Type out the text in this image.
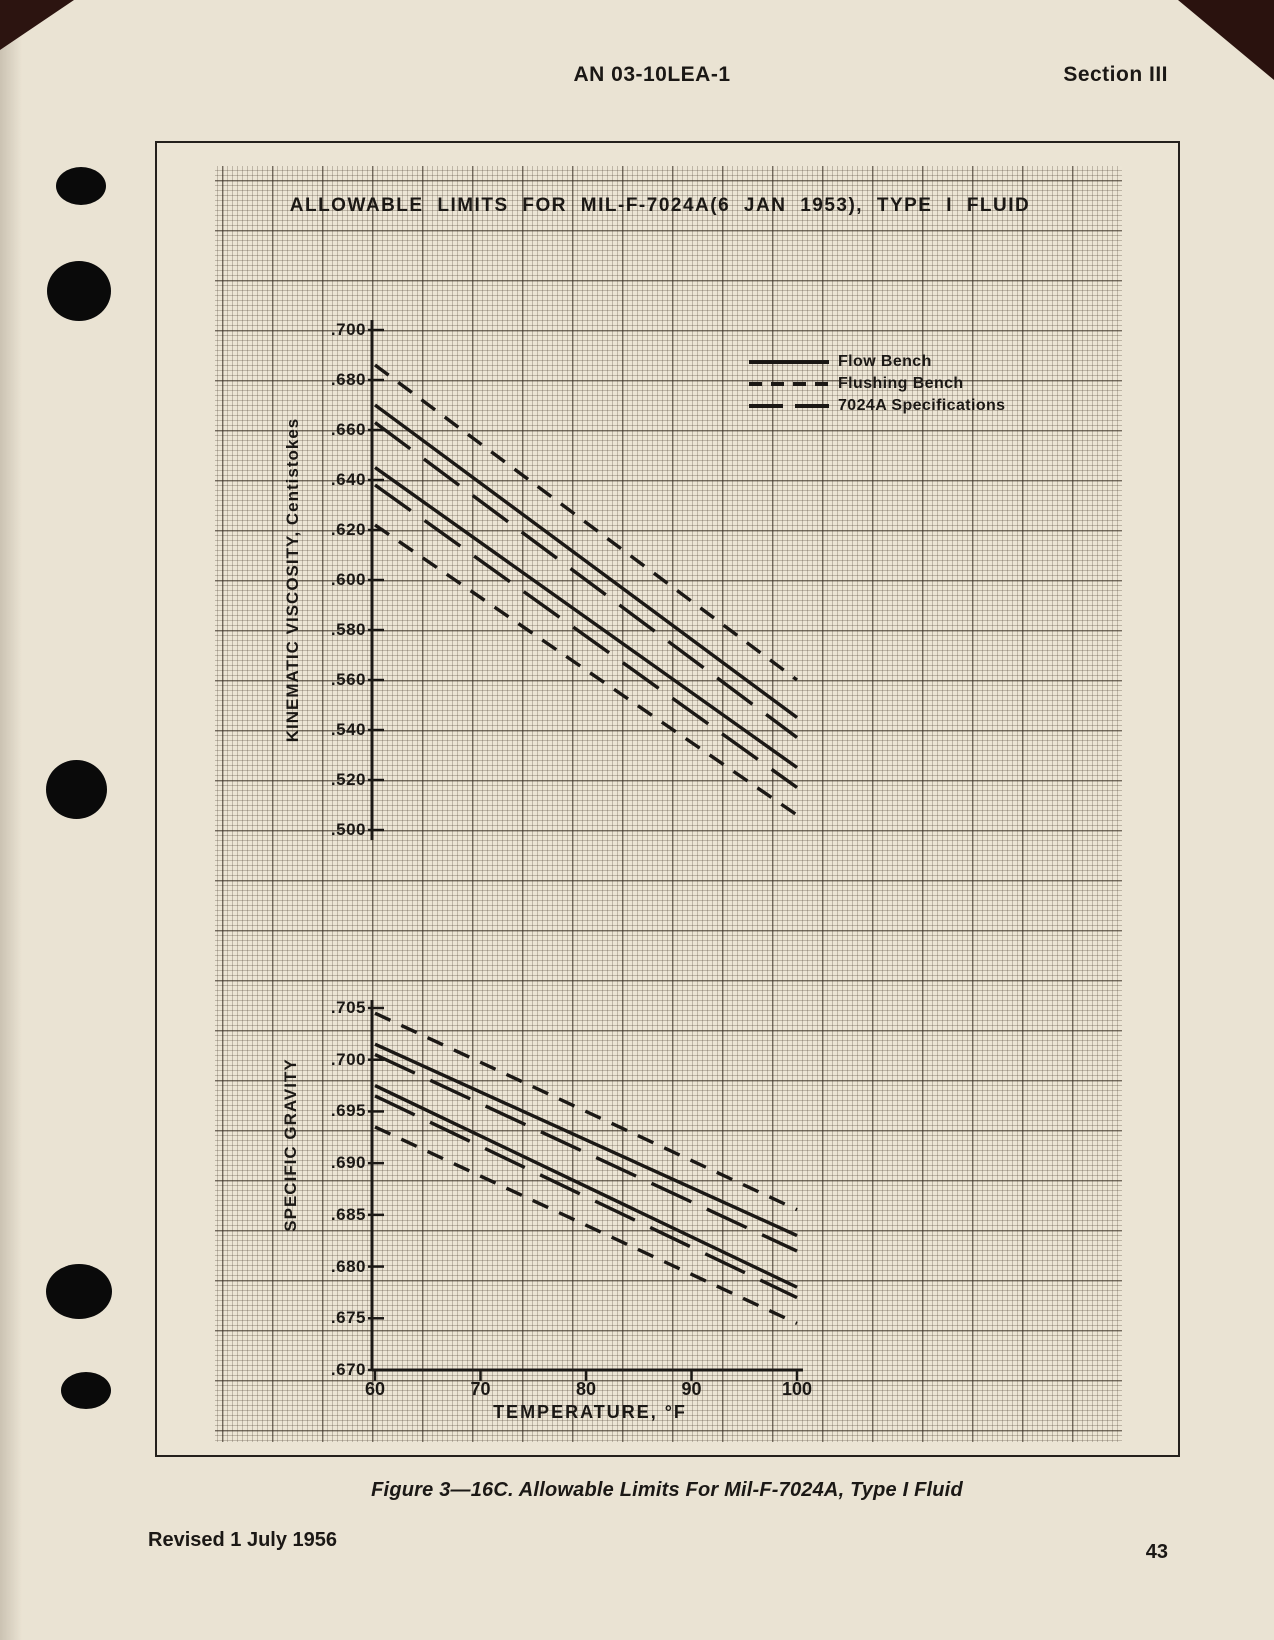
AN 03-10LEA-1	Section III
ALLOWABLE LIMITS FOR MIL-F-7024A(6 JAN 1953), TYPE I FLUID
Flow Bench
Flushing Bench
7024A Specifications
KINEMATIC VISCOSITY, Centistokes
SPECIFIC GRAVITY
TEMPERATURE, °F
.700
.680
.660
.640
.620
.600
.580
.560
.540
.520
.500
.705
.700
.695
.690
.685
.680
.675
.670
60	70	80	90	100
Figure 3—16C. Allowable Limits For Mil-F-7024A, Type I Fluid
Revised 1 July 1956
43
